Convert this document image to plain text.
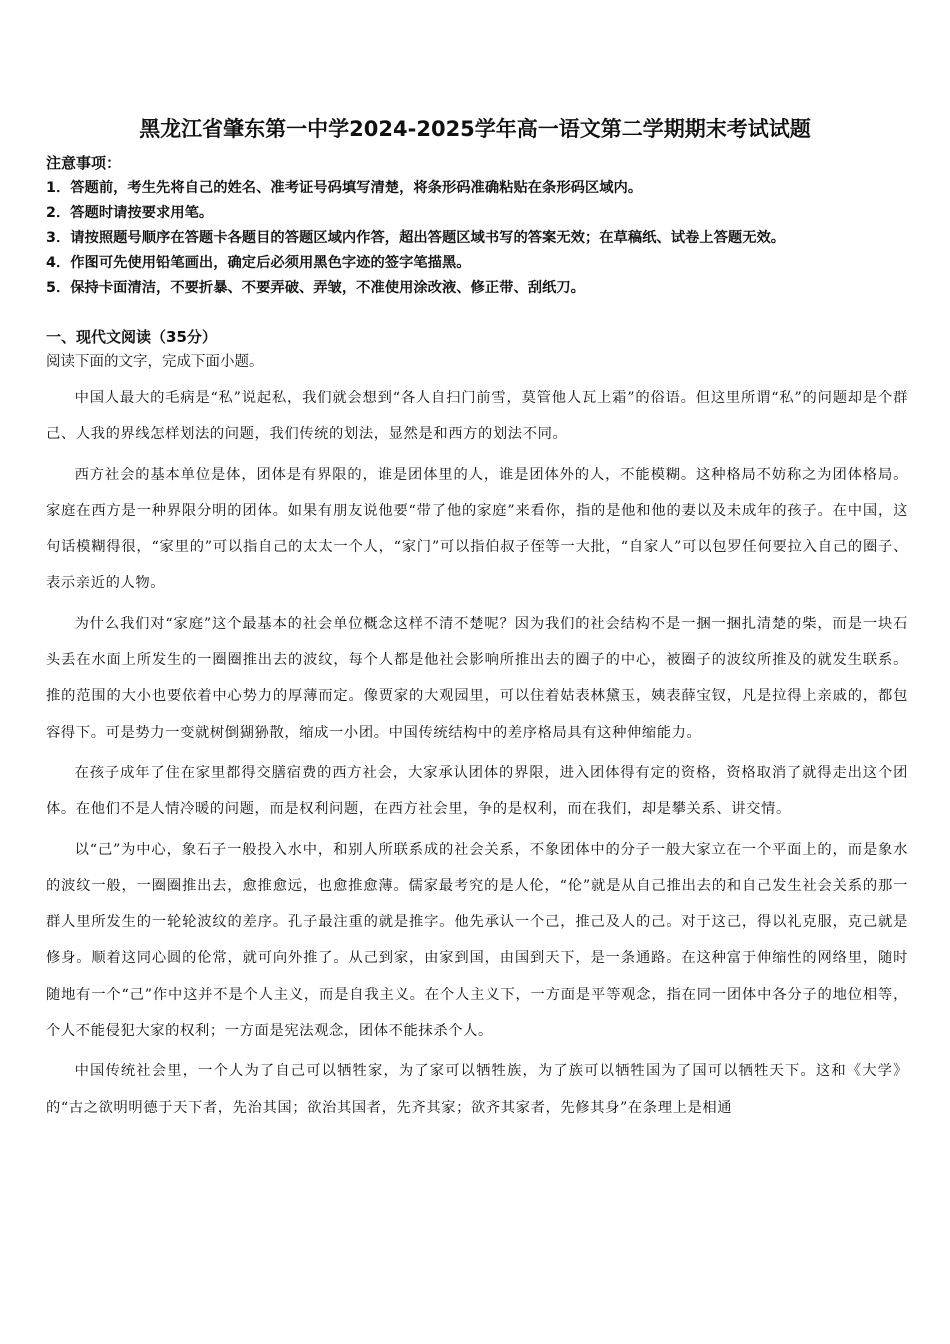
黑龙江省肇东第一中学2024-2025学年高一语文第二学期期末考试试题
注意事项：
1．答题前，考生先将自己的姓名、准考证号码填写清楚，将条形码准确粘贴在条形码区域内。
2．答题时请按要求用笔。
3．请按照题号顺序在答题卡各题目的答题区域内作答，超出答题区域书写的答案无效；在草稿纸、试卷上答题无效。
4．作图可先使用铅笔画出，确定后必须用黑色字迹的签字笔描黑。
5．保持卡面清洁，不要折暴、不要弄破、弄皱，不准使用涂改液、修正带、刮纸刀。
一、现代文阅读（35分）
阅读下面的文字，完成下面小题。

中国人最大的毛病是“私”说起私，我们就会想到“各人自扫门前雪，莫管他人瓦上霜”的俗语。但这里所谓“私”的问题却是个群己、人我的界线怎样划法的问题，我们传统的划法，显然是和西方的划法不同。

西方社会的基本单位是体，团体是有界限的，谁是团体里的人，谁是团体外的人，不能模糊。这种格局不妨称之为团体格局。家庭在西方是一种界限分明的团体。如果有朋友说他要“带了他的家庭”来看你，指的是他和他的妻以及未成年的孩子。在中国，这句话模糊得很，“家里的”可以指自己的太太一个人，“家门”可以指伯叔子侄等一大批，“自家人”可以包罗任何要拉入自己的圈子、表示亲近的人物。

为什么我们对“家庭”这个最基本的社会单位概念这样不清不楚呢？因为我们的社会结构不是一捆一捆扎清楚的柴，而是一块石头丢在水面上所发生的一圈圈推出去的波纹，每个人都是他社会影响所推出去的圈子的中心，被圈子的波纹所推及的就发生联系。推的范围的大小也要依着中心势力的厚薄而定。像贾家的大观园里，可以住着姑表林黛玉，姨表薛宝钗，凡是拉得上亲戚的，都包容得下。可是势力一变就树倒猢狲散，缩成一小团。中国传统结构中的差序格局具有这种伸缩能力。

在孩子成年了住在家里都得交膳宿费的西方社会，大家承认团体的界限，进入团体得有定的资格，资格取消了就得走出这个团体。在他们不是人情冷暖的问题，而是权利问题，在西方社会里，争的是权利，而在我们，却是攀关系、讲交情。

以“己”为中心，象石子一般投入水中，和别人所联系成的社会关系，不象团体中的分子一般大家立在一个平面上的，而是象水的波纹一般，一圈圈推出去，愈推愈远，也愈推愈薄。儒家最考究的是人伦，“伦”就是从自己推出去的和自己发生社会关系的那一群人里所发生的一轮轮波纹的差序。孔子最注重的就是推字。他先承认一个己，推己及人的己。对于这己，得以礼克服，克己就是修身。顺着这同心圆的伦常，就可向外推了。从己到家，由家到国，由国到天下，是一条通路。在这种富于伸缩性的网络里，随时随地有一个“己”作中这并不是个人主义，而是自我主义。在个人主义下，一方面是平等观念，指在同一团体中各分子的地位相等，个人不能侵犯大家的权利；一方面是宪法观念，团体不能抹杀个人。

中国传统社会里，一个人为了自己可以牺牲家，为了家可以牺牲族，为了族可以牺牲国为了国可以牺牲天下。这和《大学》的“古之欲明明德于天下者，先治其国；欲治其国者，先齐其家；欲齐其家者，先修其身”在条理上是相通
